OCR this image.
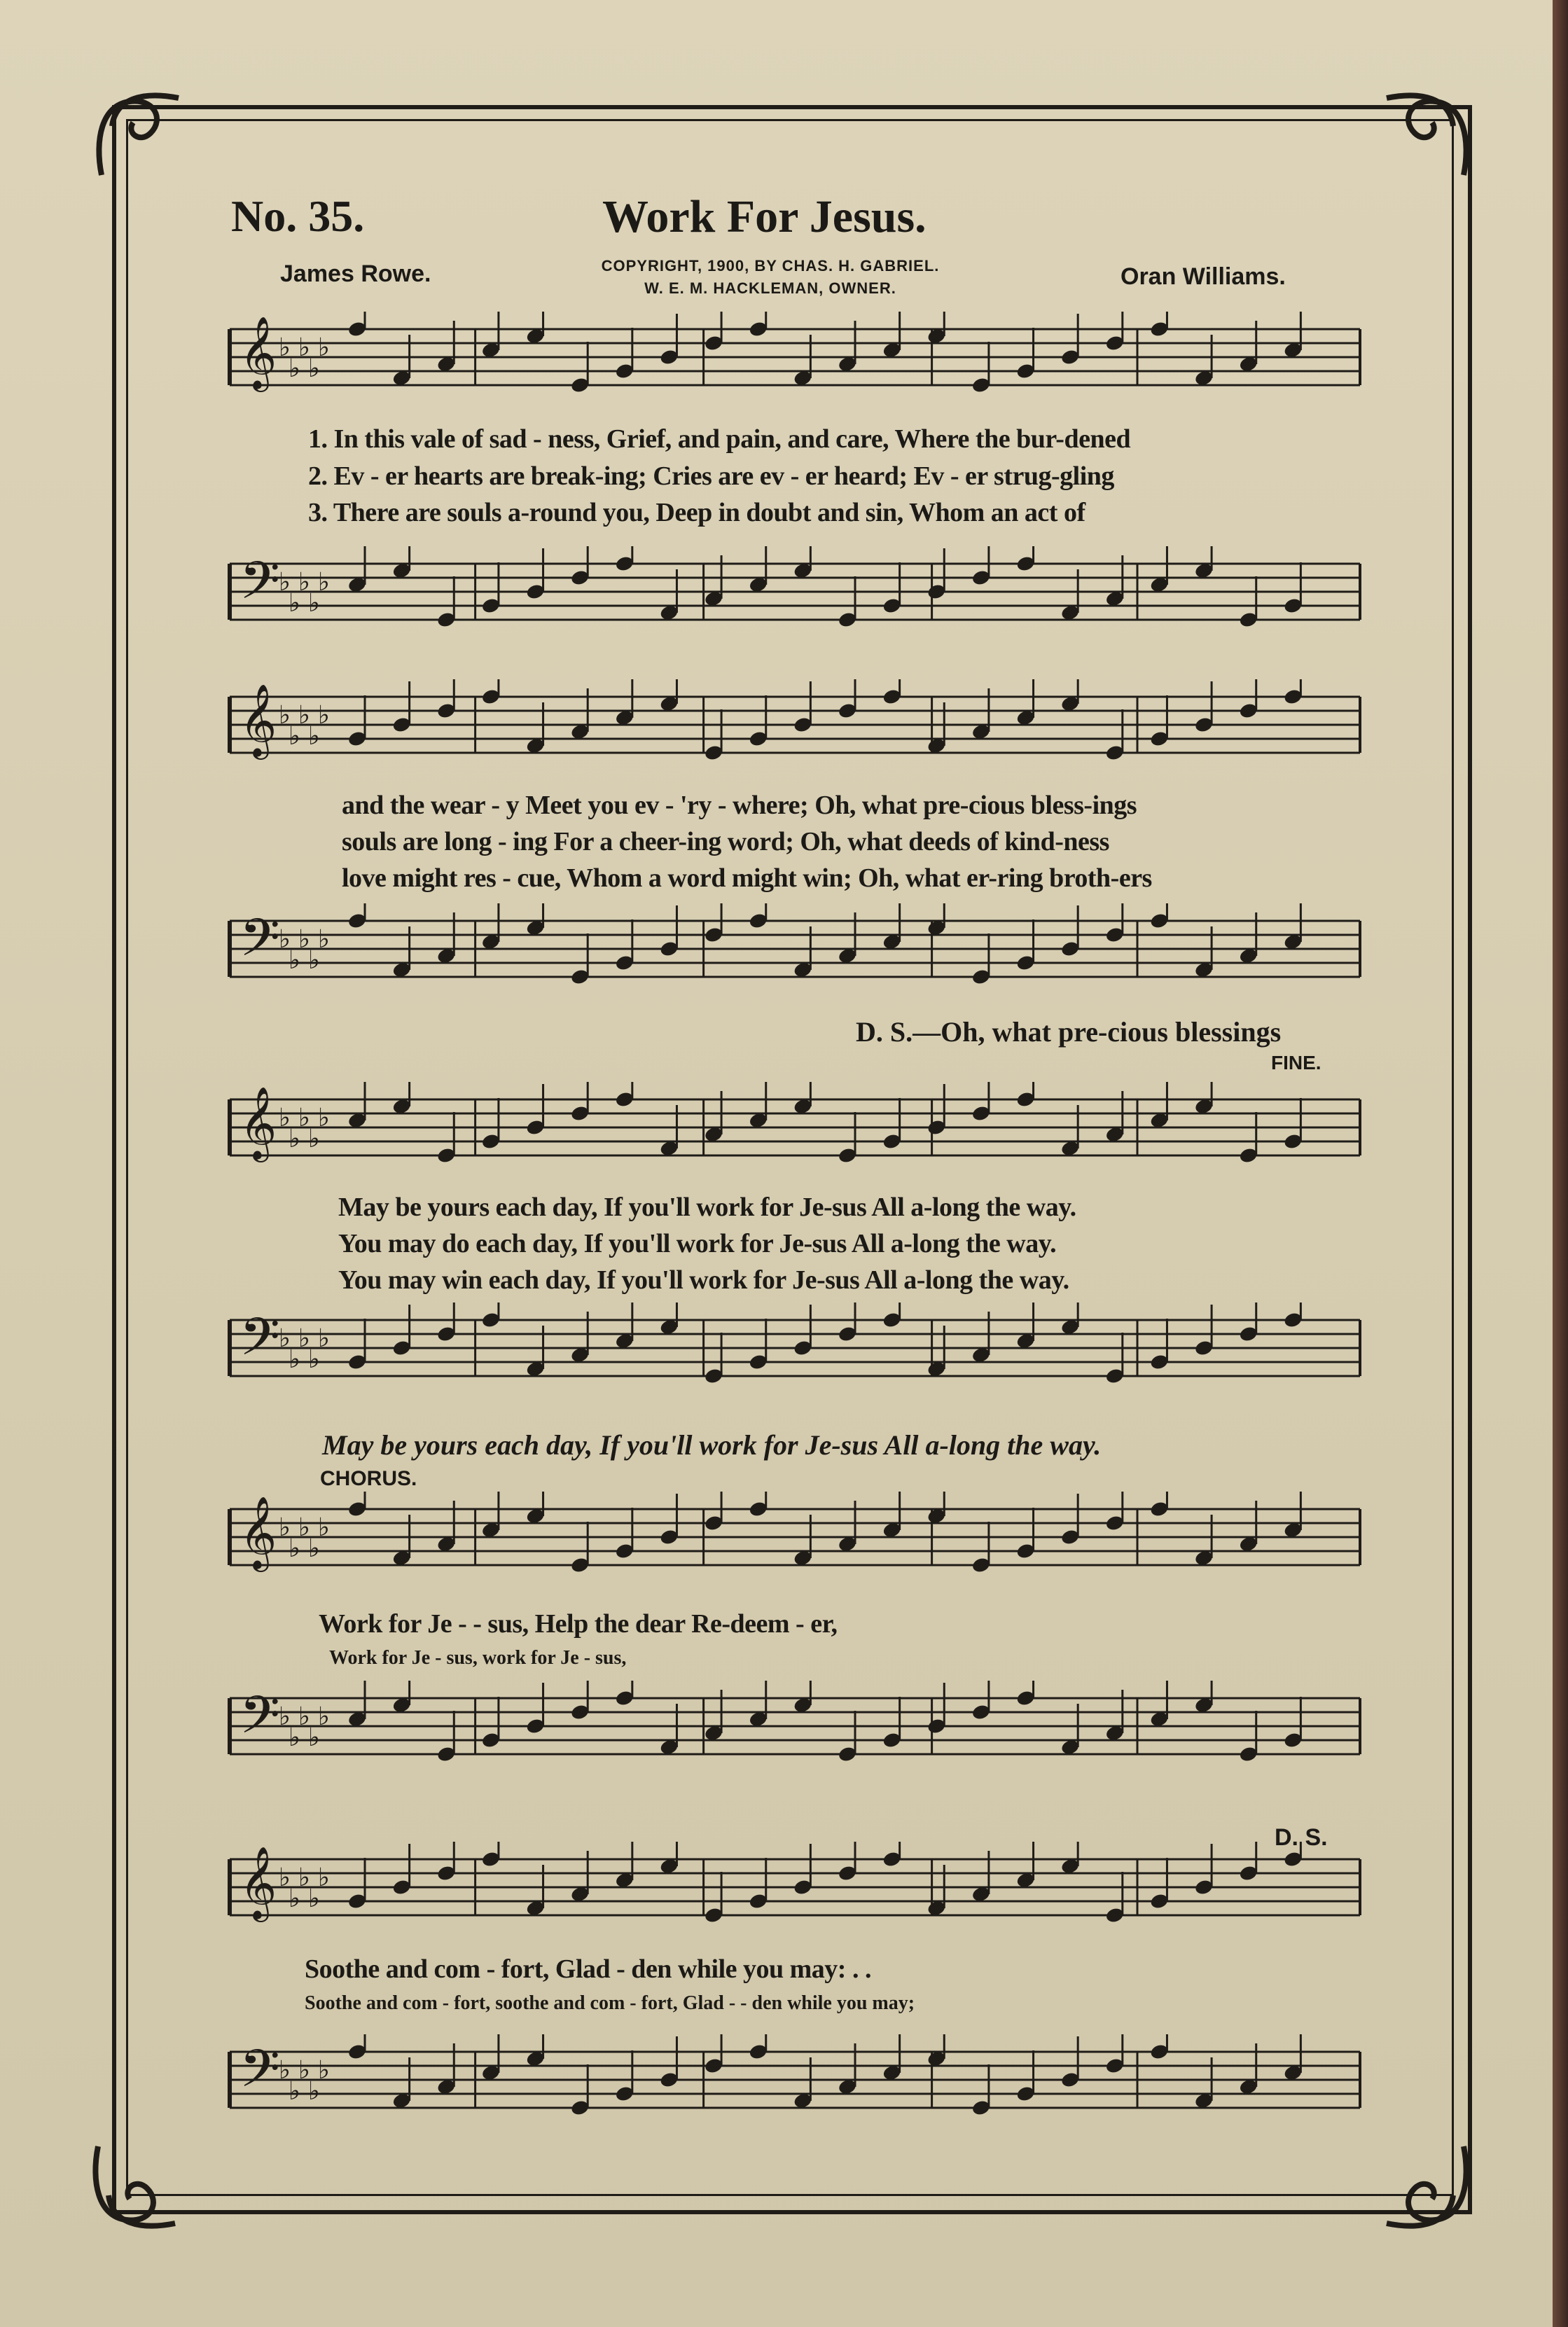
No. 35.	Work For Jesus.
James Rowe.	COPYRIGHT, 1900, BY CHAS. H. GABRIEL.
W. E. M. HACKLEMAN, OWNER.	Oran Williams.
𝄞 ♭
♭
♭
♭
♭
1. In this vale of sad - ness, Grief, and pain, and care, Where the bur-dened
2. Ev - er hearts are break-ing; Cries are ev - er heard; Ev - er strug-gling
3. There are souls a-round you, Deep in doubt and sin, Whom an act of
𝄢
♭
♭
♭
♭
♭
𝄞 ♭
♭
♭
♭
♭
and the wear - y Meet you ev - 'ry - where; Oh, what pre-cious bless-ings
souls are long - ing For a cheer-ing word; Oh, what deeds of kind-ness
love might res - cue, Whom a word might win; Oh, what er-ring broth-ers
𝄢
♭
♭
♭
♭
♭
D. S.—Oh, what pre-cious blessings
FINE.
𝄞 ♭
♭
♭
♭
♭
May be yours each day, If you'll work for Je-sus All a-long the way.
You may do each day, If you'll work for Je-sus All a-long the way.
You may win each day, If you'll work for Je-sus All a-long the way.
𝄢
♭
♭
♭
♭
♭
May be yours each day, If you'll work for Je-sus All a-long the way.
CHORUS.
𝄞 ♭
♭
♭
♭
♭
Work for Je - - sus, Help the dear Re-deem - er,
Work for Je - sus, work for Je - sus,
𝄢
♭
♭
♭
♭
♭
D. S.
𝄞 ♭
♭
♭
♭
♭
Soothe and com - fort, Glad - den while you may: . .
Soothe and com - fort, soothe and com - fort, Glad - - den while you may;
𝄢
♭
♭
♭
♭
♭
